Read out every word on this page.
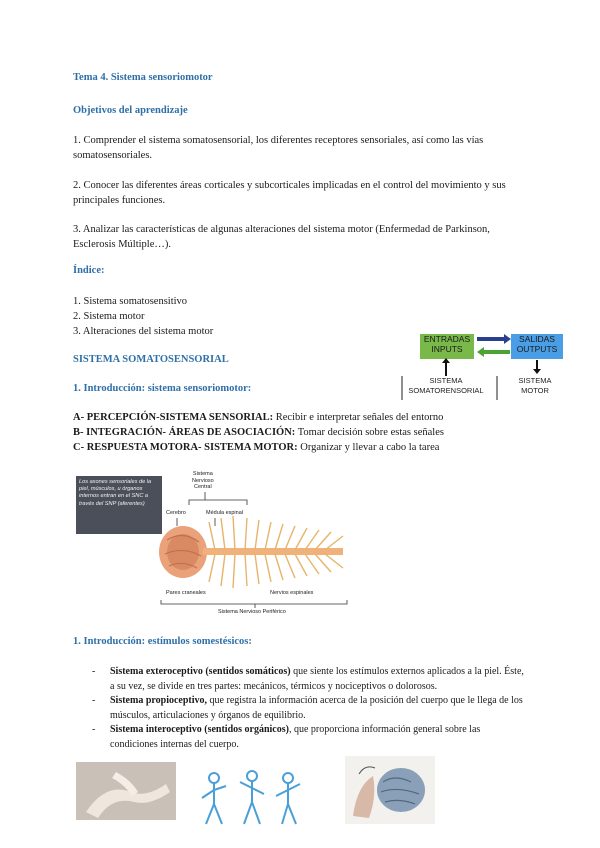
Tema 4. Sistema sensoriomotor
Objetivos del aprendizaje
1. Comprender el sistema somatosensorial, los diferentes receptores sensoriales, así como las vías somatosensoriales.
2. Conocer las diferentes áreas corticales y subcorticales implicadas en el control del movimiento y sus principales funciones.
3. Analizar las características de algunas alteraciones del sistema motor (Enfermedad de Parkinson, Esclerosis Múltiple…).
Índice:
1. Sistema somatosensitivo
2. Sistema motor
3. Alteraciones del sistema motor
SISTEMA SOMATOSENSORIAL
1. Introducción: sistema sensoriomotor:
ENTRADAS
INPUTS
SALIDAS
OUTPUTS
SISTEMA
SOMATORENSORIAL
SISTEMA
MOTOR
A- PERCEPCIÓN-SISTEMA SENSORIAL: Recibir e interpretar señales del entorno
B- INTEGRACIÓN- ÁREAS DE ASOCIACIÓN: Tomar decisión sobre estas señales
C- RESPUESTA MOTORA- SISTEMA MOTOR: Organizar y llevar a cabo la tarea
Los axones sensoriales de la piel, músculos, u órganos internos entran en el SNC a través del SNP (aferentes)
Sistema
Nervioso
Central
Cerebro	Médula espinal
Pares craneales	Nervios espinales
Sistema Nervioso Periférico
1. Introducción: estímulos somestésicos:
- Sistema exteroceptivo (sentidos somáticos) que siente los estímulos externos aplicados a la piel. Éste, a su vez, se divide en tres partes: mecánicos, térmicos y nociceptivos o dolorosos.
- Sistema propioceptivo, que registra la información acerca de la posición del cuerpo que le llega de los músculos, articulaciones y órganos de equilibrio.
- Sistema interoceptivo (sentidos orgánicos), que proporciona información general sobre las condiciones internas del cuerpo.
